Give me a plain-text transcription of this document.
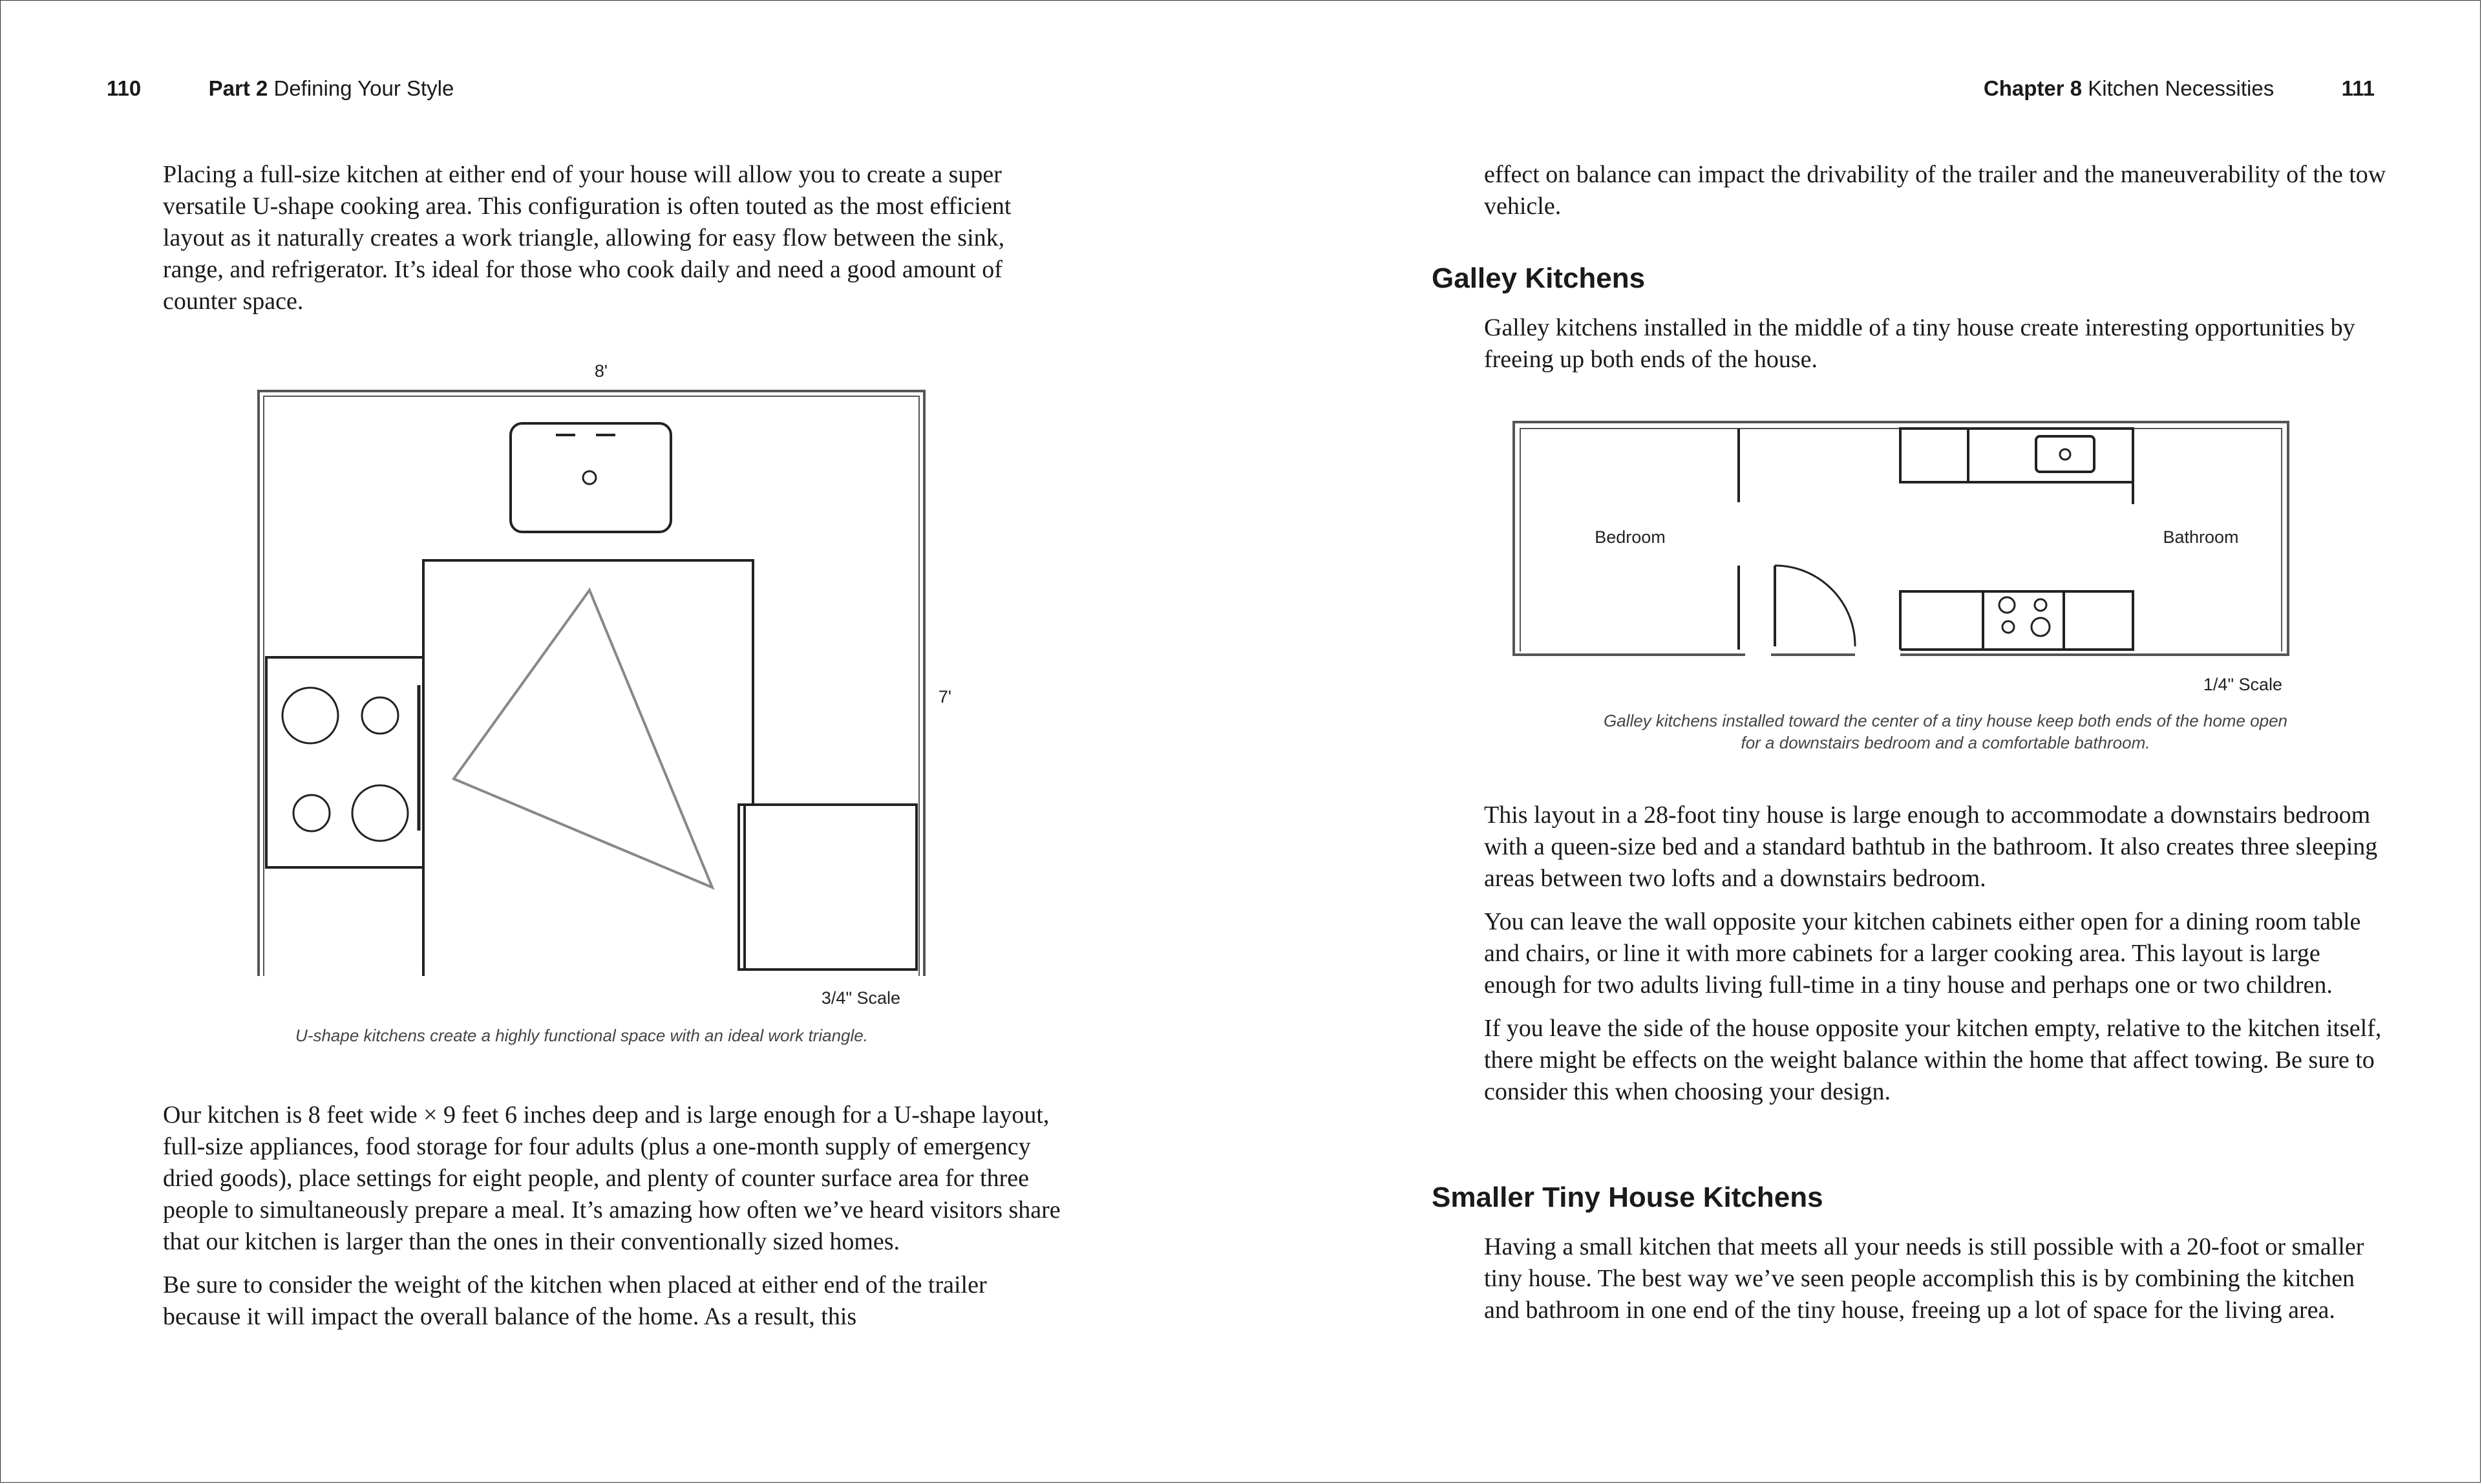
110	Part 2 Defining Your Style

Placing a full-size kitchen at either end of your house will allow you to create a super versatile U-shape cooking area. This configuration is often touted as the most efficient layout as it naturally creates a work triangle, allowing for easy flow between the sink, range, and refrigerator. It’s ideal for those who cook daily and need a good amount of counter space.

8'
7'
3/4" Scale
U-shape kitchens create a highly functional space with an ideal work triangle.

Our kitchen is 8 feet wide × 9 feet 6 inches deep and is large enough for a U-shape layout, full-size appliances, food storage for four adults (plus a one-month supply of emergency dried goods), place settings for eight people, and plenty of counter surface area for three people to simultaneously prepare a meal. It’s amazing how often we’ve heard visitors share that our kitchen is larger than the ones in their conventionally sized homes.

Be sure to consider the weight of the kitchen when placed at either end of the trailer because it will impact the overall balance of the home. As a result, this

Chapter 8 Kitchen Necessities	111

effect on balance can impact the drivability of the trailer and the maneuverability of the tow vehicle.

Galley Kitchens

Galley kitchens installed in the middle of a tiny house create interesting opportunities by freeing up both ends of the house.

Bedroom	Bathroom
1/4" Scale
Galley kitchens installed toward the center of a tiny house keep both ends of the home open
for a downstairs bedroom and a comfortable bathroom.

This layout in a 28-foot tiny house is large enough to accommodate a downstairs bedroom with a queen-size bed and a standard bathtub in the bathroom. It also creates three sleeping areas between two lofts and a downstairs bedroom.

You can leave the wall opposite your kitchen cabinets either open for a dining room table and chairs, or line it with more cabinets for a larger cooking area. This layout is large enough for two adults living full-time in a tiny house and perhaps one or two children.

If you leave the side of the house opposite your kitchen empty, relative to the kitchen itself, there might be effects on the weight balance within the home that affect towing. Be sure to consider this when choosing your design.

Smaller Tiny House Kitchens

Having a small kitchen that meets all your needs is still possible with a 20-foot or smaller tiny house. The best way we’ve seen people accomplish this is by combining the kitchen and bathroom in one end of the tiny house, freeing up a lot of space for the living area.
